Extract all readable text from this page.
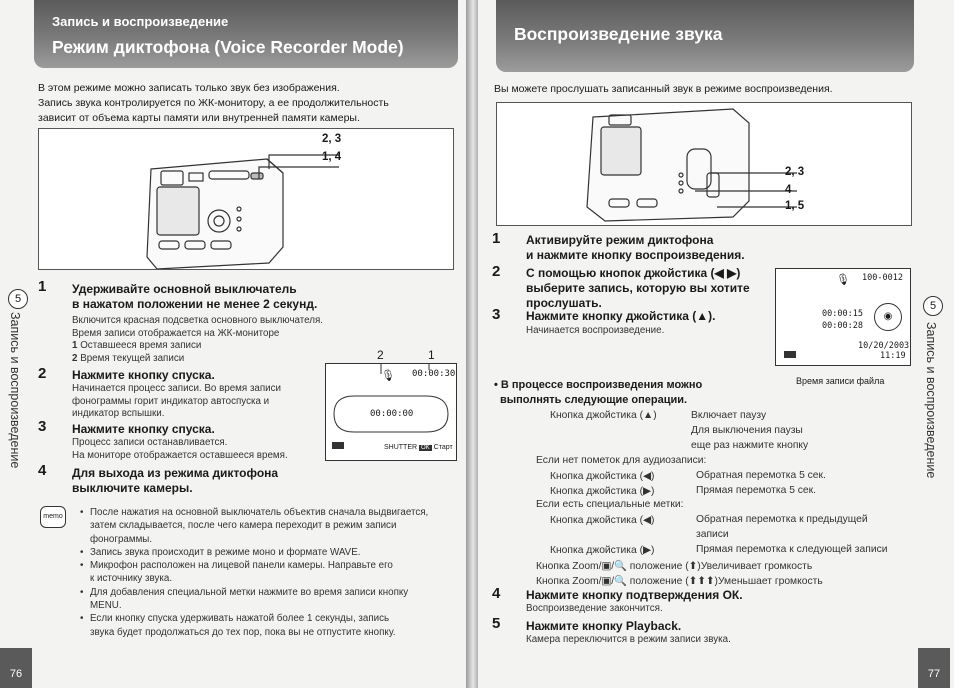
Запись и воспроизведение
Режим диктофона (Voice Recorder Mode)
В этом режиме можно записать только звук без изображения.
Запись звука контролируется по ЖК-монитору, а ее продолжительность
зависит от объема карты памяти или внутренней памяти камеры.
2, 3
1, 4
1 Удерживайте основной выключатель
в нажатом положении не менее 2 секунд.
Включится красная подсветка основного выключателя.
Время записи отображается на ЖК-мониторе
1 Оставшееся время записи
2 Время текущей записи
2 Нажмите кнопку спуска.
Начинается процесс записи. Во время записи
фонограммы горит индикатор автоспуска и
индикатор вспышки.
3 Нажмите кнопку спуска.
Процесс записи останавливается.
На мониторе отображается оставшееся время.
4 Для выхода из режима диктофона
выключите камеры.
2	1
🎙 00:00:30
00:00:00
SHUTTER OK Старт
memo	• После нажатия на основной выключатель объектив сначала выдвигается,
затем складывается, после чего камера переходит в режим записи
фонограммы.
• Запись звука происходит в режиме моно и формате WAVE.
• Микрофон расположен на лицевой панели камеры. Направьте его
к источнику звука.
• Для добавления специальной метки нажмите во время записи кнопку
MENU.
• Если кнопку спуска удерживать нажатой более 1 секунды, запись
звука будет продолжаться до тех пор, пока вы не отпустите кнопку.
5
Запись и воспроизведение
76
Воспроизведение звука
Вы можете прослушать записанный звук в режиме воспроизведения.
2, 3
4
1, 5
1 Активируйте режим диктофона
и нажмите кнопку воспроизведения.
2 С помощью кнопок джойстика (◀ ▶)
выберите запись, которую вы хотите
прослушать.
3 Нажмите кнопку джойстика (▲).
Начинается воспроизведение.
🎙 100-0012
00:00:15
00:00:28
◉
10/20/2003
11:19
Время записи файла
• В процессе воспроизведения можно
выполнять следующие операции.
Кнопка джойстика (▲)	Включает паузу
Для выключения паузы
еще раз нажмите кнопку
Если нет пометок для аудиозаписи:
Кнопка джойстика (◀)	Обратная перемотка 5 сек.
Кнопка джойстика (▶)	Прямая перемотка 5 сек.
Если есть специальные метки:
Кнопка джойстика (◀)	Обратная перемотка к предыдущей
записи
Кнопка джойстика (▶)	Прямая перемотка к следующей записи
Кнопка Zoom/▣/🔍 положение (⬆)Увеличивает громкость
Кнопка Zoom/▣/🔍 положение (⬆⬆⬆)Уменьшает громкость
4 Нажмите кнопку подтверждения ОК.
Воспроизведение закончится.
5 Нажмите кнопку Playback.
Камера переключится в режим записи звука.
5
Запись и воспроизведение
77
